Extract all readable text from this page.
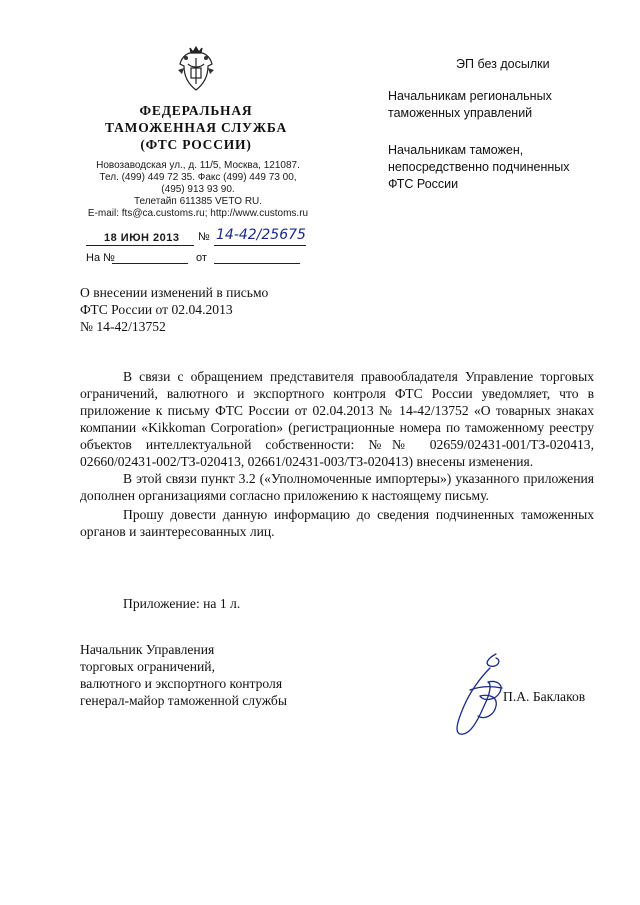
ФЕДЕРАЛЬНАЯ
ТАМОЖЕННАЯ СЛУЖБА
(ФТС РОССИИ)
Новозаводская ул., д. 11/5, Москва, 121087.
Тел. (499) 449 72 35. Факс (499) 449 73 00,
(495) 913 93 90.
Телетайп 611385 VETO RU.
E-mail: fts@ca.customs.ru; http://www.customs.ru
18 ИЮН 2013 № 14-42/25675
На №	от
ЭП без досылки
Начальникам региональных
таможенных управлений
Начальникам таможен,
непосредственно подчиненных
ФТС России
О внесении изменений в письмо
ФТС России от 02.04.2013
№ 14-42/13752

В связи с обращением представителя правообладателя Управление торговых ограничений, валютного и экспортного контроля ФТС России уведомляет, что в приложение к письму ФТС России от 02.04.2013 № 14-42/13752 «О товарных знаках компании «Kikkoman Corporation» (регистрационные номера по таможенному реестру объектов интеллектуальной собственности: №№ 02659/02431-001/ТЗ-020413, 02660/02431-002/ТЗ-020413, 02661/02431-003/ТЗ-020413) внесены изменения.

В этой связи пункт 3.2 («Уполномоченные импортеры») указанного приложения дополнен организациями согласно приложению к настоящему письму.

Прошу довести данную информацию до сведения подчиненных таможенных органов и заинтересованных лиц.

Приложение: на 1 л.
Начальник Управления
торговых ограничений,
валютного и экспортного контроля
генерал-майор таможенной службы	П.А. Баклаков
